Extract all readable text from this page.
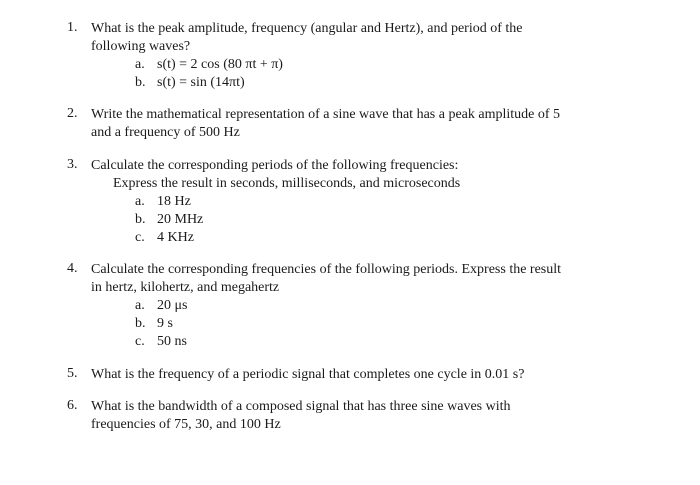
1. What is the peak amplitude, frequency (angular and Hertz), and period of the
following waves?
a. s(t) = 2 cos (80 πt + π)
b. s(t) = sin (14πt)
2. Write the mathematical representation of a sine wave that has a peak amplitude of 5
and a frequency of 500 Hz
3. Calculate the corresponding periods of the following frequencies:
Express the result in seconds, milliseconds, and microseconds
a. 18 Hz
b. 20 MHz
c. 4 KHz
4. Calculate the corresponding frequencies of the following periods. Express the result
in hertz, kilohertz, and megahertz
a. 20 μs
b. 9 s
c. 50 ns
5. What is the frequency of a periodic signal that completes one cycle in 0.01 s?
6. What is the bandwidth of a composed signal that has three sine waves with
frequencies of 75, 30, and 100 Hz
